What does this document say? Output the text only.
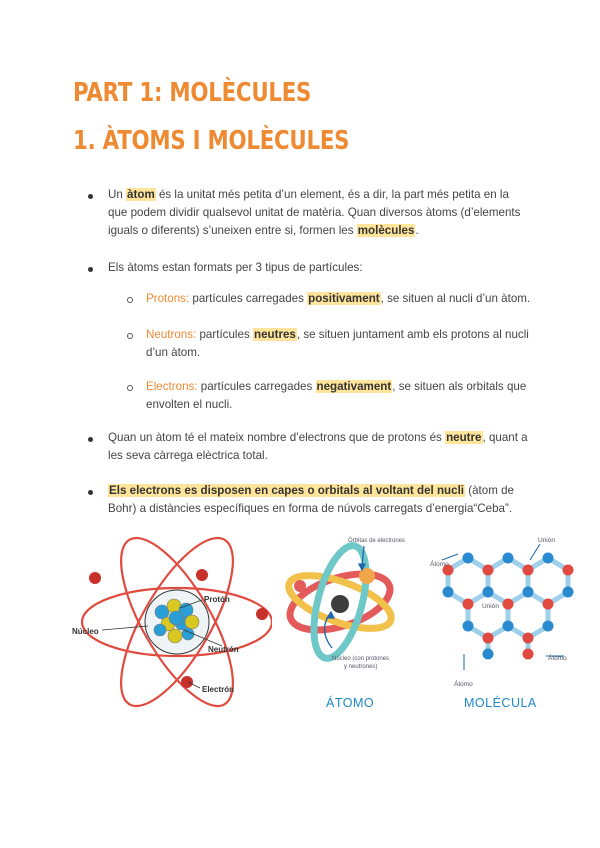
PART 1: MOLÈCULES
1. ÀTOMS I MOLÈCULES
Un àtom és la unitat més petita d’un element, és a dir, la part més petita en la que podem dividir qualsevol unitat de matèria. Quan diversos àtoms (d’elements iguals o diferents) s’uneixen entre si, formen les molècules.
Els àtoms estan formats per 3 tipus de partícules:
Protons: partícules carregades positivament, se situen al nucli d’un àtom.
Neutrons: partícules neutres, se situen juntament amb els protons al nucli d’un àtom.
Electrons: partícules carregades negativament, se situen als orbitals que envolten el nucli.
Quan un àtom té el mateix nombre d’electrons que de protons és neutre, quant a les seva càrrega elèctrica total.
Els electrons es disposen en capes o orbitals al voltant del nucli (àtom de Bohr) a distàncies específiques en forma de núvols carregats d’energia“Ceba”.
Protón
Núcleo
Neutrón
Electrón
Órbitas de electrones
Núcleo (con protones
y neutrones)
ÁTOMO
Unión
Átomo
Unión
Átomo
Átomo
MOLÉCULA
